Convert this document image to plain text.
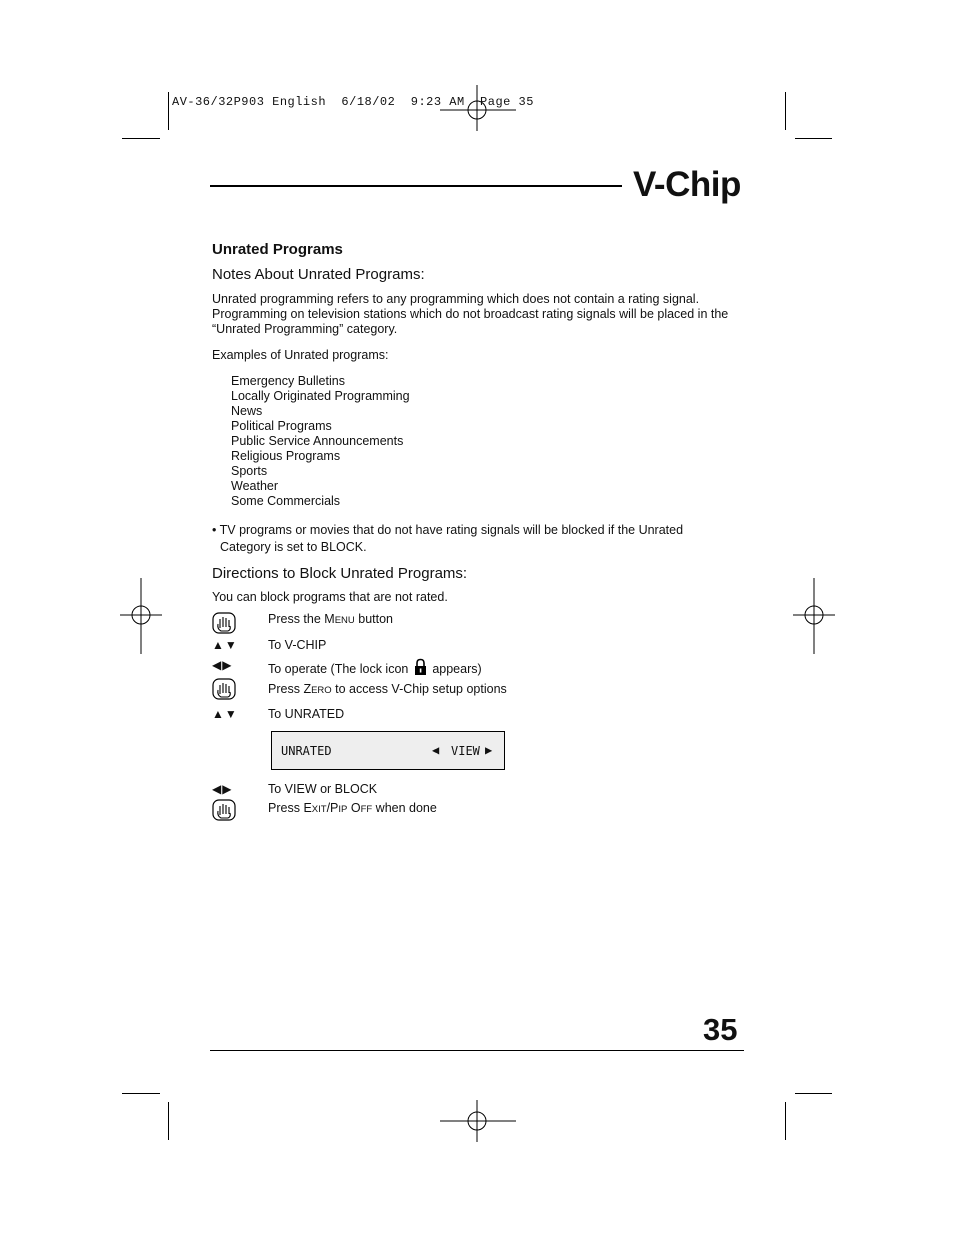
AV-36/32P903 English  6/18/02  9:23 AM  Page 35
V-Chip
Unrated Programs
Notes About Unrated Programs:
Unrated programming refers to any programming which does not contain a rating signal. Programming on television stations which do not broadcast rating signals will be placed in the “Unrated Programming” category.
Examples of Unrated programs:
Emergency Bulletins
Locally Originated Programming
News
Political Programs
Public Service Announcements
Religious Programs
Sports
Weather
Some Commercials
• TV programs or movies that do not have rating signals will be blocked if the Unrated
Category is set to BLOCK.
Directions to Block Unrated Programs:
You can block programs that are not rated.
Press the MENU button
▲▼	To V-CHIP
◀▶	To operate (The lock icon appears)
Press ZERO to access V-Chip setup options
▲▼	To UNRATED
UNRATED	◀ VIEW ▶
◀▶	To VIEW or BLOCK
Press EXIT/PIP OFF when done
35
